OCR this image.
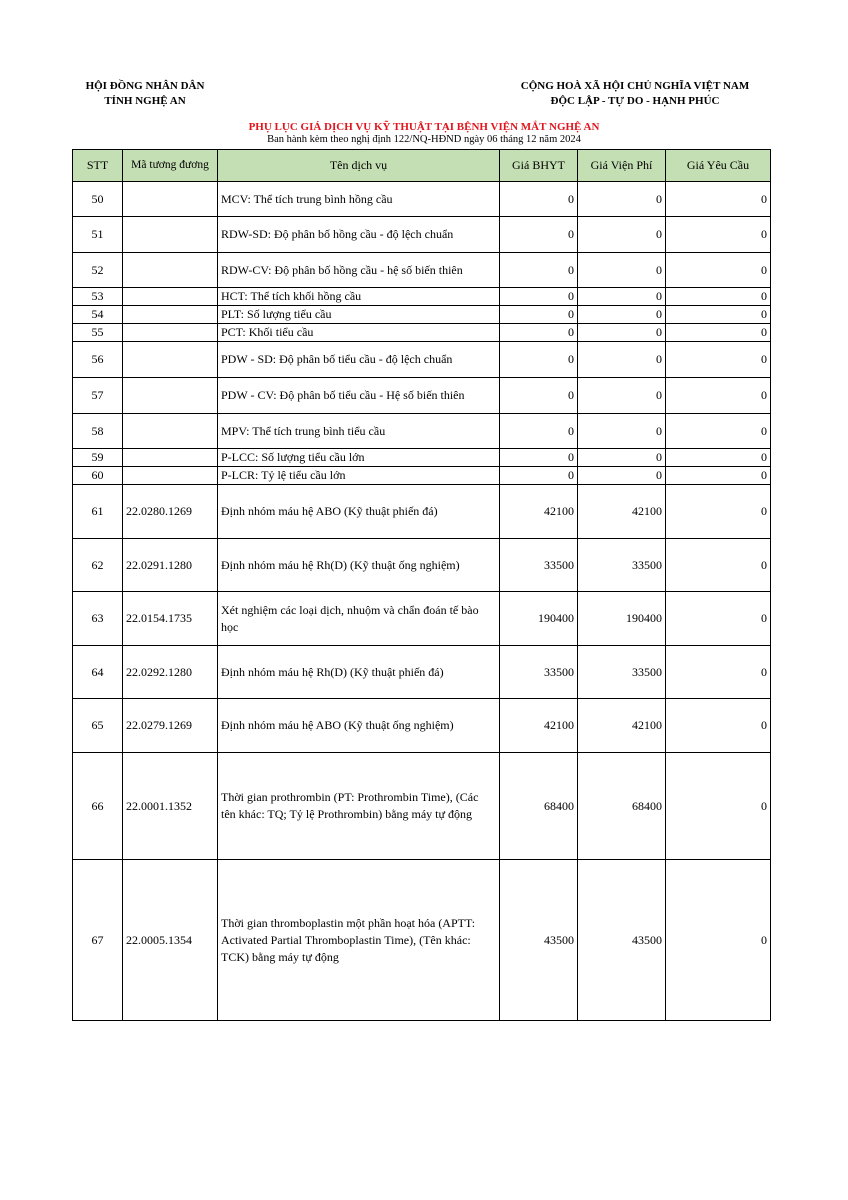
HỘI ĐỒNG NHÂN DÂN
TỈNH NGHỆ AN
CỘNG HOÀ XÃ HỘI CHỦ NGHĨA VIỆT NAM
ĐỘC LẬP - TỰ DO - HẠNH PHÚC
PHỤ LỤC GIÁ DỊCH VỤ KỸ THUẬT TẠI BỆNH VIỆN MẮT NGHỆ AN
Ban hành kèm theo nghị định 122/NQ-HĐND ngày 06 tháng 12 năm 2024
STT	Mã tương đương	Tên dịch vụ	Giá BHYT	Giá Viện Phí	Giá Yêu Cầu
50		MCV: Thể tích trung bình hồng cầu	0	0	0
51		RDW-SD: Độ phân bố hồng cầu - độ lệch chuẩn	0	0	0
52		RDW-CV: Độ phân bố hồng cầu - hệ số biến thiên	0	0	0
53		HCT: Thể tích khối hồng cầu	0	0	0
54		PLT: Số lượng tiểu cầu	0	0	0
55		PCT: Khối tiểu cầu	0	0	0
56		PDW - SD: Độ phân bố tiểu cầu - độ lệch chuẩn	0	0	0
57		PDW - CV: Độ phân bố tiểu cầu - Hệ số biến thiên	0	0	0
58		MPV: Thể tích trung bình tiểu cầu	0	0	0
59		P-LCC: Số lượng tiểu cầu lớn	0	0	0
60		P-LCR: Tỷ lệ tiểu cầu lớn	0	0	0
61	22.0280.1269	Định nhóm máu hệ ABO (Kỹ thuật phiến đá)	42100	42100	0
62	22.0291.1280	Định nhóm máu hệ Rh(D) (Kỹ thuật ống nghiệm)	33500	33500	0
63	22.0154.1735	Xét nghiệm các loại dịch, nhuộm và chẩn đoán tế bào học	190400	190400	0
64	22.0292.1280	Định nhóm máu hệ Rh(D) (Kỹ thuật phiến đá)	33500	33500	0
65	22.0279.1269	Định nhóm máu hệ ABO (Kỹ thuật ống nghiệm)	42100	42100	0
66	22.0001.1352	Thời gian prothrombin (PT: Prothrombin Time), (Các tên khác: TQ; Tỷ lệ Prothrombin) bằng máy tự động	68400	68400	0
67	22.0005.1354	Thời gian thromboplastin một phần hoạt hóa (APTT: Activated Partial Thromboplastin Time), (Tên khác: TCK) bằng máy tự động	43500	43500	0
